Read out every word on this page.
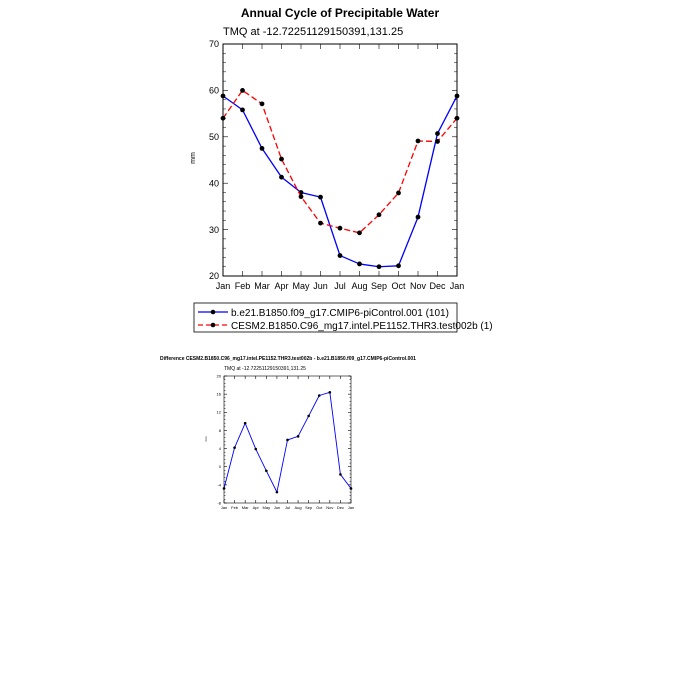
Annual Cycle of Precipitable Water
TMQ at -12.72251129150391,131.25
mm
Jan Feb Mar Apr May Jun Jul Aug Sep Oct Nov Dec Jan
20
30
40
50
60
70
b.e21.B1850.f09_g17.CMIP6-piControl.001 (101)
CESM2.B1850.C96_mg17.intel.PE1152.THR3.test002b (1)
Difference CESM2.B1850.C96_mg17.intel.PE1152.THR3.test002b - b.e21.B1850.f09_g17.CMIP6-piControl.001
TMQ at -12.72251129150391,131.25
mm
Jan Feb Mar Apr May Jun Jul Aug Sep Oct Nov Dec Jan
-8
-4
0
4
8
12
16
20
